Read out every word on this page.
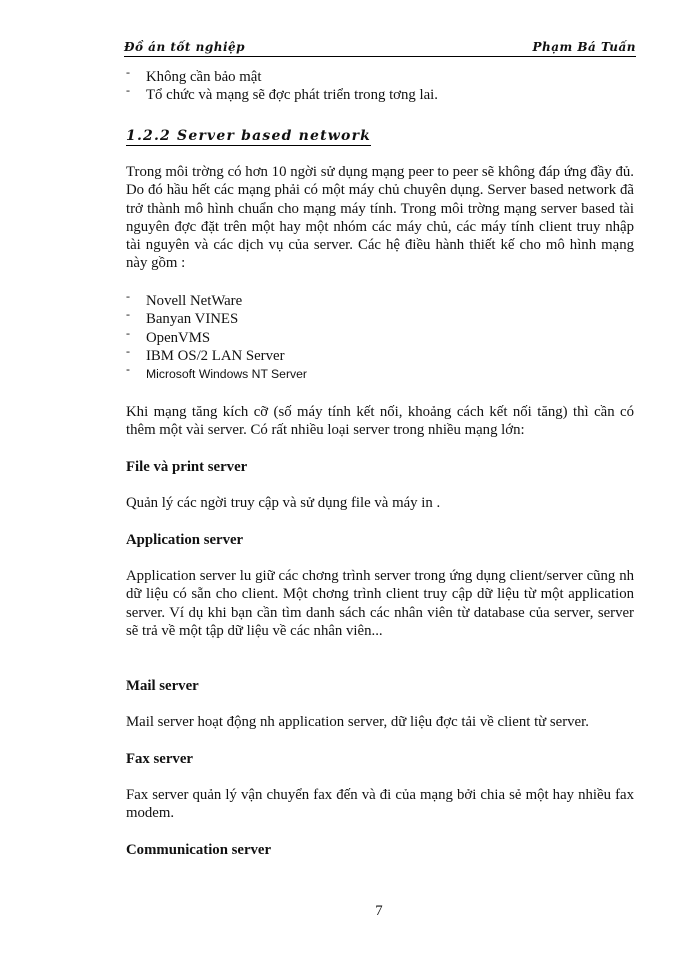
Đồ án tốt nghiệp	Phạm Bá Tuấn
- Không cần bảo mật
- Tổ chức và mạng sẽ đợc phát triển trong tơng lai.
1.2.2 Server based network

Trong môi trờng có hơn 10 ngời sử dụng mạng peer to peer sẽ không đáp ứng đầy đủ. Do đó hầu hết các mạng phải có một máy chủ chuyên dụng. Server based network đã trở thành mô hình chuẩn cho mạng máy tính. Trong môi trờng mạng server based tài nguyên đợc đặt trên một hay một nhóm các máy chủ, các máy tính client truy nhập tài nguyên và các dịch vụ của server. Các hệ điều hành thiết kế cho mô hình mạng này gồm :

- Novell NetWare
- Banyan VINES
- OpenVMS
- IBM OS/2 LAN Server
- Microsoft Windows NT Server

Khi mạng tăng kích cỡ (số máy tính kết nối, khoảng cách kết nối tăng) thì cần có thêm một vài server. Có rất nhiều loại server trong nhiều mạng lớn:

File và print server

Quản lý các ngời truy cập và sử dụng file và máy in .

Application server

Application server lu giữ các chơng trình server trong ứng dụng client/server cũng nh dữ liệu có sẵn cho client. Một chơng trình client truy cập dữ liệu từ một application server. Ví dụ khi bạn cần tìm danh sách các nhân viên từ database của server, server sẽ trả về một tập dữ liệu về các nhân viên...

Mail server

Mail server hoạt động nh application server, dữ liệu đợc tải về client từ server.

Fax server

Fax server quản lý vận chuyển fax đến và đi của mạng bởi chia sẻ một hay nhiều fax modem.

Communication server
7
